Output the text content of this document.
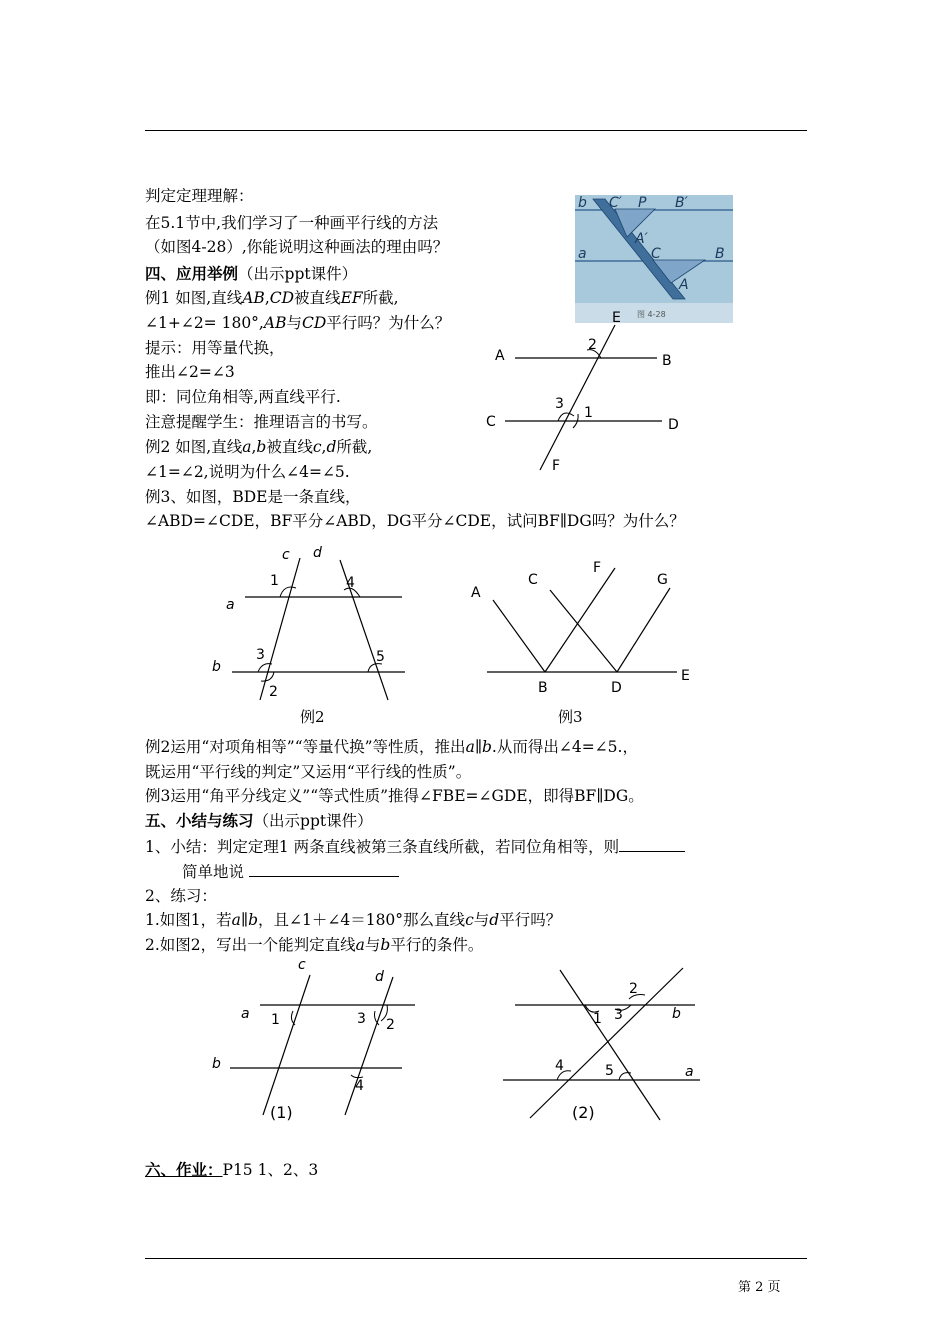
判定定理理解：
在5.1节中,我们学习了一种画平行线的方法
（如图4-28）,你能说明这种画法的理由吗？
四、应用举例（出示ppt课件）
例1 如图,直线AB,CD被直线EF所截,
∠1+∠2= 180°,AB与CD平行吗？为什么？
提示：用等量代换，
推出∠2=∠3
即：同位角相等,两直线平行.
注意提醒学生：推理语言的书写。
例2 如图,直线a,b被直线c,d所截,
∠1=∠2,说明为什么∠4=∠5.
例3、如图，BDE是一条直线，
∠ABD=∠CDE，BF平分∠ABD，DG平分∠CDE，试问BF∥DG吗？为什么？
b C′ P B′
A′
a	C	B
A
图 4-28
E
A
2
B
3
1
C	D
F
c d
1	4
a
3	5
b
2
例2
F
C	G
A
B	D
E
例3
例2运用“对项角相等”“等量代换”等性质，推出a∥b.从而得出∠4=∠5.，
既运用“平行线的判定”又运用“平行线的性质”。
例3运用“角平分线定义”“等式性质”推得∠FBE=∠GDE，即得BF∥DG。
五、小结与练习（出示ppt课件）
1、小结：判定定理1 两条直线被第三条直线所截，若同位角相等，则
简单地说
2、练习：
1.如图1，若a∥b，且∠1＋∠4＝180°那么直线c与d平行吗？
2.如图2，写出一个能判定直线a与b平行的条件。
c
d
a 1	3 2
b
4
(1)
2
1 3	b
4	5	a
(2)
六、作业：P15 1、2、3
第 2 页
